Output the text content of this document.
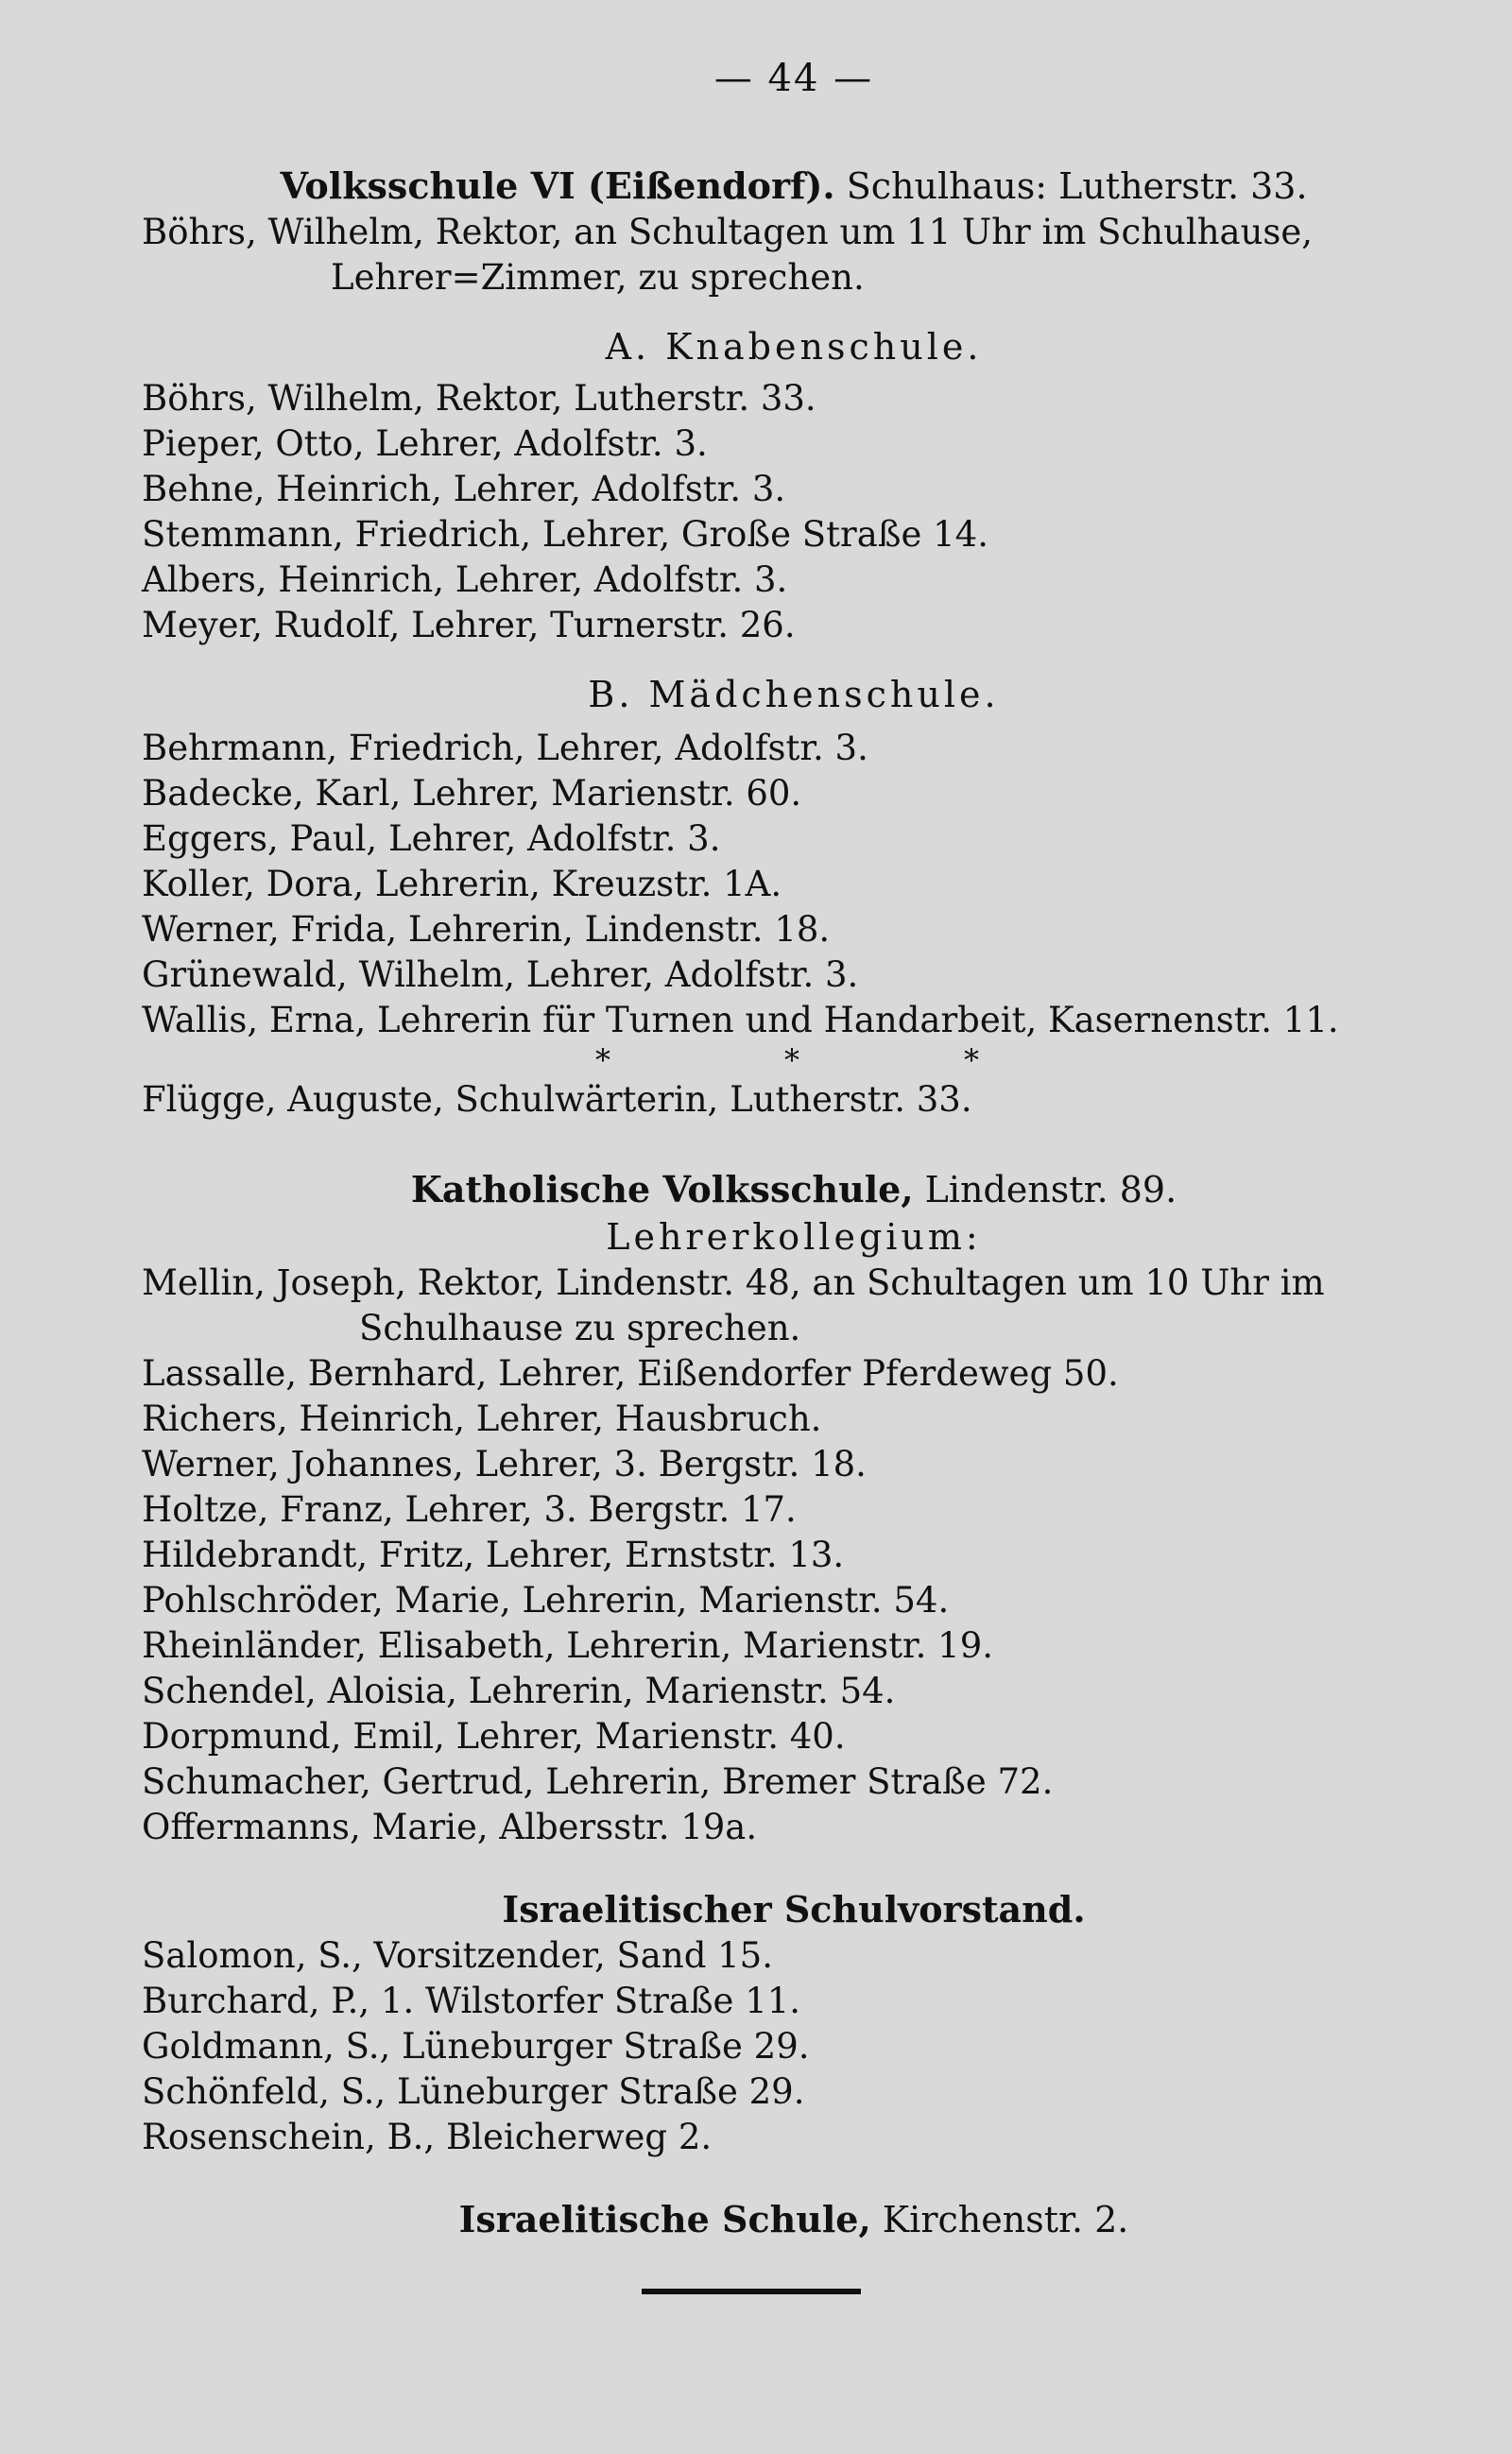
— 44 —
Volksschule VI (Eißendorf). Schulhaus: Lutherstr. 33.
Böhrs, Wilhelm, Rektor, an Schultagen um 11 Uhr im Schulhause,
Lehrer=Zimmer, zu sprechen.
A. Knabenschule.
Böhrs, Wilhelm, Rektor, Lutherstr. 33.
Pieper, Otto, Lehrer, Adolfstr. 3.
Behne, Heinrich, Lehrer, Adolfstr. 3.
Stemmann, Friedrich, Lehrer, Große Straße 14.
Albers, Heinrich, Lehrer, Adolfstr. 3.
Meyer, Rudolf, Lehrer, Turnerstr. 26.
B. Mädchenschule.
Behrmann, Friedrich, Lehrer, Adolfstr. 3.
Badecke, Karl, Lehrer, Marienstr. 60.
Eggers, Paul, Lehrer, Adolfstr. 3.
Koller, Dora, Lehrerin, Kreuzstr. 1A.
Werner, Frida, Lehrerin, Lindenstr. 18.
Grünewald, Wilhelm, Lehrer, Adolfstr. 3.
Wallis, Erna, Lehrerin für Turnen und Handarbeit, Kasernenstr. 11.
*	*	*
Flügge, Auguste, Schulwärterin, Lutherstr. 33.
Katholische Volksschule, Lindenstr. 89.
Lehrerkollegium:
Mellin, Joseph, Rektor, Lindenstr. 48, an Schultagen um 10 Uhr im
Schulhause zu sprechen.
Lassalle, Bernhard, Lehrer, Eißendorfer Pferdeweg 50.
Richers, Heinrich, Lehrer, Hausbruch.
Werner, Johannes, Lehrer, 3. Bergstr. 18.
Holtze, Franz, Lehrer, 3. Bergstr. 17.
Hildebrandt, Fritz, Lehrer, Ernststr. 13.
Pohlschröder, Marie, Lehrerin, Marienstr. 54.
Rheinländer, Elisabeth, Lehrerin, Marienstr. 19.
Schendel, Aloisia, Lehrerin, Marienstr. 54.
Dorpmund, Emil, Lehrer, Marienstr. 40.
Schumacher, Gertrud, Lehrerin, Bremer Straße 72.
Offermanns, Marie, Albersstr. 19a.
Israelitischer Schulvorstand.
Salomon, S., Vorsitzender, Sand 15.
Burchard, P., 1. Wilstorfer Straße 11.
Goldmann, S., Lüneburger Straße 29.
Schönfeld, S., Lüneburger Straße 29.
Rosenschein, B., Bleicherweg 2.
Israelitische Schule, Kirchenstr. 2.
